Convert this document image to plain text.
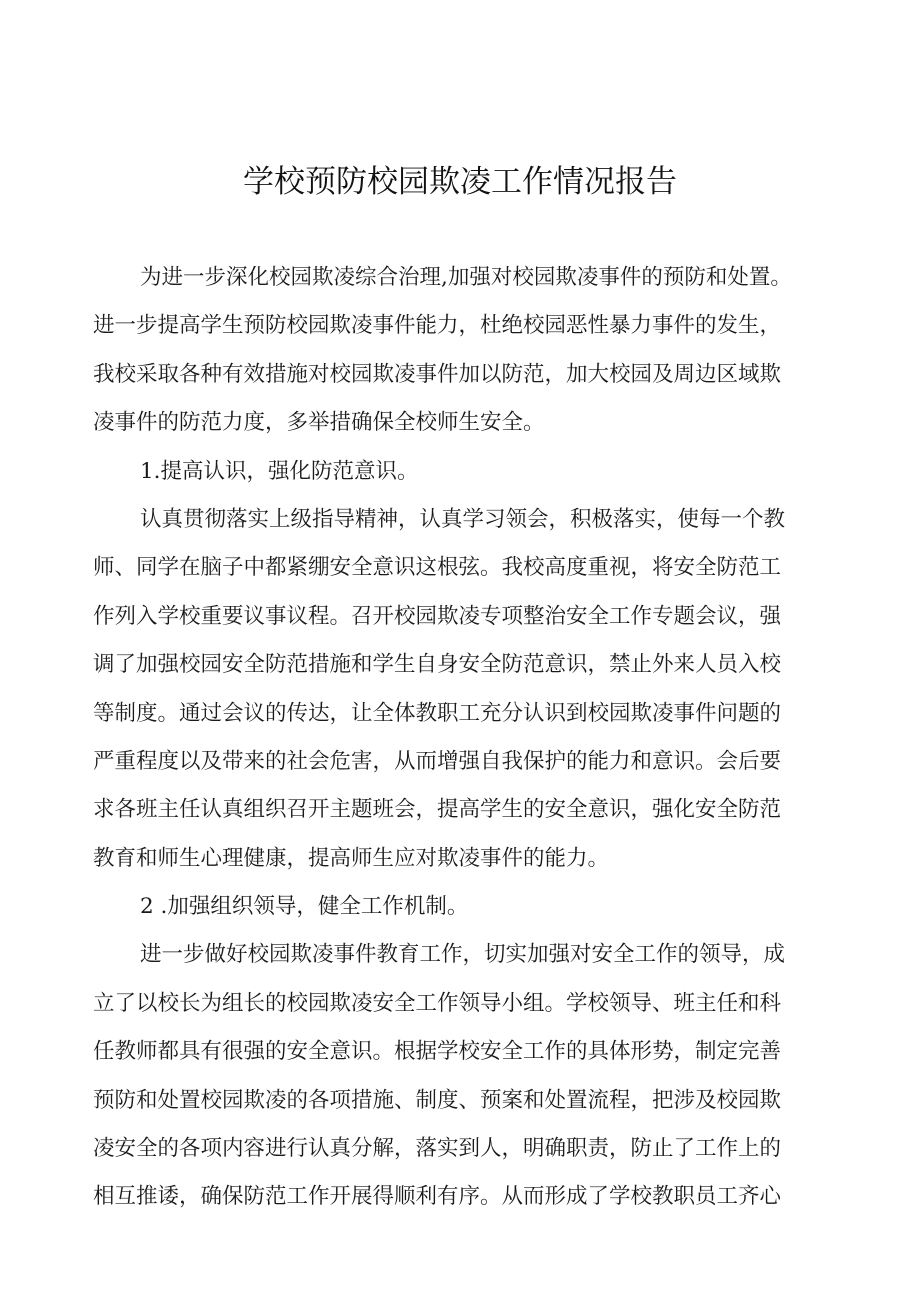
学校预防校园欺凌工作情况报告
为进一步深化校园欺凌综合治理,加强对校园欺凌事件的预防和处置。
进一步提高学生预防校园欺凌事件能力，杜绝校园恶性暴力事件的发生，
我校采取各种有效措施对校园欺凌事件加以防范，加大校园及周边区域欺
凌事件的防范力度，多举措确保全校师生安全。
1.提高认识，强化防范意识。
认真贯彻落实上级指导精神，认真学习领会，积极落实，使每一个教
师、同学在脑子中都紧绷安全意识这根弦。我校高度重视，将安全防范工
作列入学校重要议事议程。召开校园欺凌专项整治安全工作专题会议，强
调了加强校园安全防范措施和学生自身安全防范意识，禁止外来人员入校
等制度。通过会议的传达，让全体教职工充分认识到校园欺凌事件问题的
严重程度以及带来的社会危害，从而增强自我保护的能力和意识。会后要
求各班主任认真组织召开主题班会，提高学生的安全意识，强化安全防范
教育和师生心理健康，提高师生应对欺凌事件的能力。
2 .加强组织领导，健全工作机制。
进一步做好校园欺凌事件教育工作，切实加强对安全工作的领导，成
立了以校长为组长的校园欺凌安全工作领导小组。学校领导、班主任和科
任教师都具有很强的安全意识。根据学校安全工作的具体形势，制定完善
预防和处置校园欺凌的各项措施、制度、预案和处置流程，把涉及校园欺
凌安全的各项内容进行认真分解，落实到人，明确职责，防止了工作上的
相互推诿，确保防范工作开展得顺利有序。从而形成了学校教职员工齐心
